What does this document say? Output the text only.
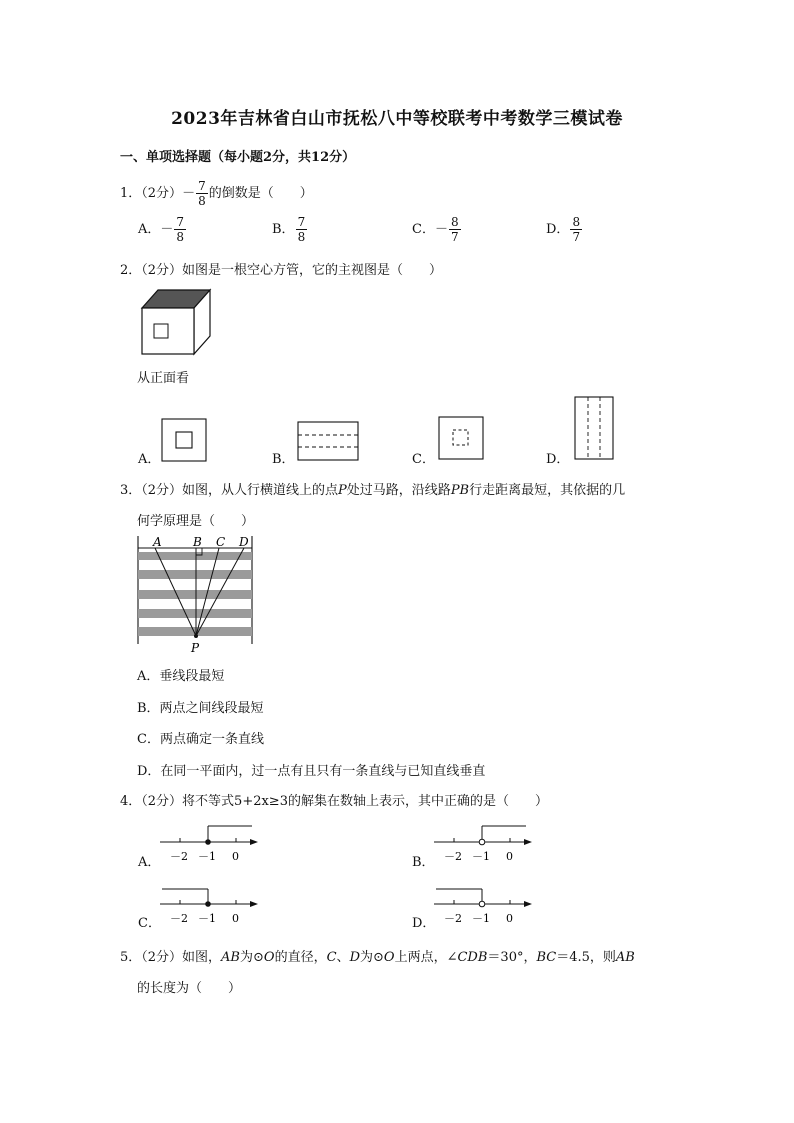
2023年吉林省白山市抚松八中等校联考中考数学三模试卷
一、单项选择题（每小题2分，共12分）
1．（2分）－ $\frac{7}{8}$ 的倒数是（　　）
A．－ $\frac{7}{8}$	B． $\frac{7}{8}$	C．－ $\frac{8}{7}$	D． $\frac{8}{7}$
2．（2分）如图是一根空心方管，它的主视图是（　　）
从正面看
A．	B．	C．	D．
3．（2分）如图，从人行横道线上的点P处过马路，沿线路PB行走距离最短，其依据的几
何学原理是（　　）
A	B C D
P
A．垂线段最短
B．两点之间线段最短
C．两点确定一条直线
D．在同一平面内，过一点有且只有一条直线与已知直线垂直
4．（2分）将不等式5+2x≥3的解集在数轴上表示，其中正确的是（　　）
A． －2 －1 0	B． －2 －1 0
C． －2 －1 0	D． －2 －1 0
5．（2分）如图，AB为⊙O的直径，C、D为⊙O上两点，∠CDB＝30°，BC＝4.5，则AB
的长度为（　　）
